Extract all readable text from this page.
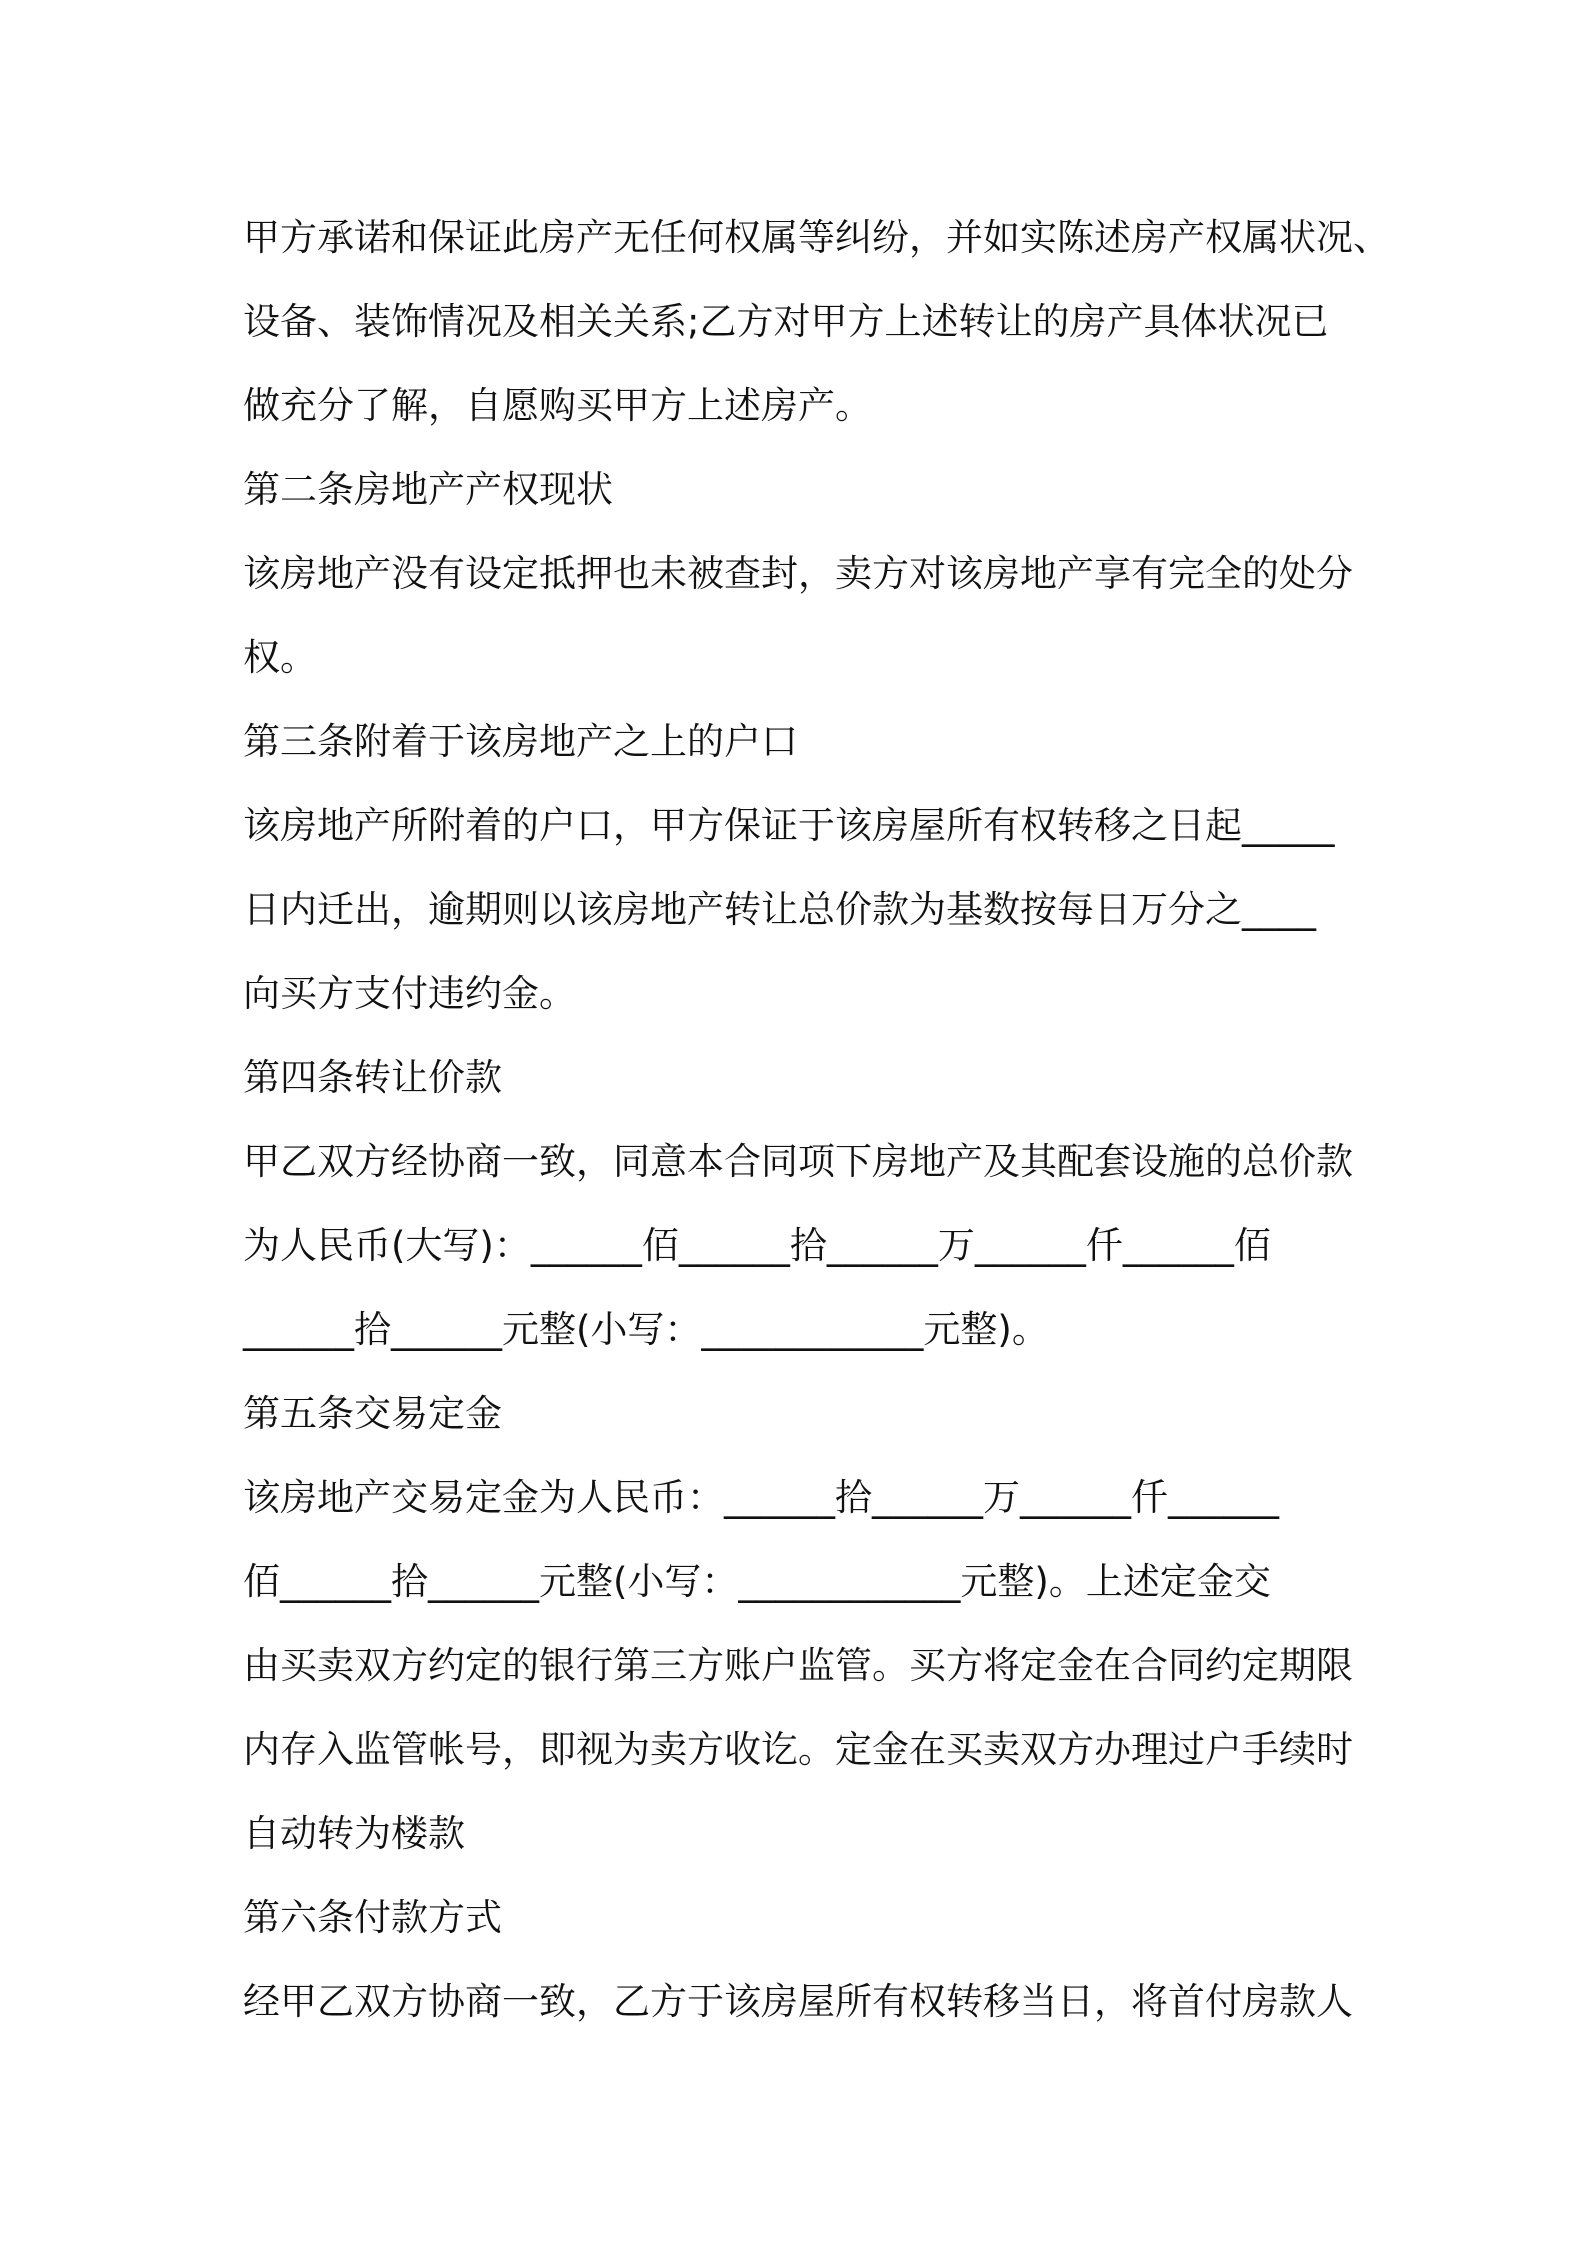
甲方承诺和保证此房产无任何权属等纠纷，并如实陈述房产权属状况、
设备、装饰情况及相关关系;乙方对甲方上述转让的房产具体状况已
做充分了解，自愿购买甲方上述房产。
第二条房地产产权现状
该房地产没有设定抵押也未被查封，卖方对该房地产享有完全的处分
权。
第三条附着于该房地产之上的户口
该房地产所附着的户口，甲方保证于该房屋所有权转移之日起_____
日内迁出，逾期则以该房地产转让总价款为基数按每日万分之____
向买方支付违约金。
第四条转让价款
甲乙双方经协商一致，同意本合同项下房地产及其配套设施的总价款
为人民币(大写)：______佰______拾______万______仟______佰
______拾______元整(小写：____________元整)。
第五条交易定金
该房地产交易定金为人民币：______拾______万______仟______
佰______拾______元整(小写：____________元整)。上述定金交
由买卖双方约定的银行第三方账户监管。买方将定金在合同约定期限
内存入监管帐号，即视为卖方收讫。定金在买卖双方办理过户手续时
自动转为楼款
第六条付款方式
经甲乙双方协商一致，乙方于该房屋所有权转移当日，将首付房款人
